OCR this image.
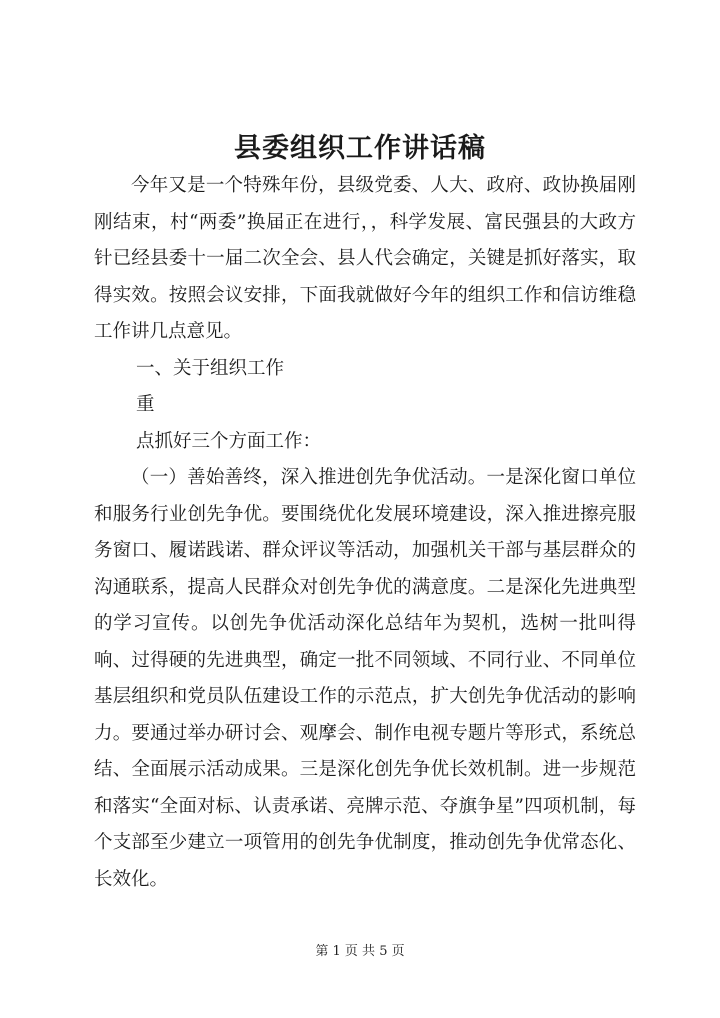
县委组织工作讲话稿

今年又是一个特殊年份，县级党委、人大、政府、政协换届刚刚结束，村“两委”换届正在进行，，科学发展、富民强县的大政方针已经县委十一届二次全会、县人代会确定，关键是抓好落实，取得实效。按照会议安排，下面我就做好今年的组织工作和信访维稳工作讲几点意见。

一、关于组织工作

重

点抓好三个方面工作：

（一）善始善终，深入推进创先争优活动。一是深化窗口单位和服务行业创先争优。要围绕优化发展环境建设，深入推进擦亮服务窗口、履诺践诺、群众评议等活动，加强机关干部与基层群众的沟通联系，提高人民群众对创先争优的满意度。二是深化先进典型的学习宣传。以创先争优活动深化总结年为契机，选树一批叫得响、过得硬的先进典型，确定一批不同领域、不同行业、不同单位基层组织和党员队伍建设工作的示范点，扩大创先争优活动的影响力。要通过举办研讨会、观摩会、制作电视专题片等形式，系统总结、全面展示活动成果。三是深化创先争优长效机制。进一步规范和落实“全面对标、认责承诺、亮牌示范、夺旗争星”四项机制，每个支部至少建立一项管用的创先争优制度，推动创先争优常态化、长效化。

第 1 页 共 5 页
